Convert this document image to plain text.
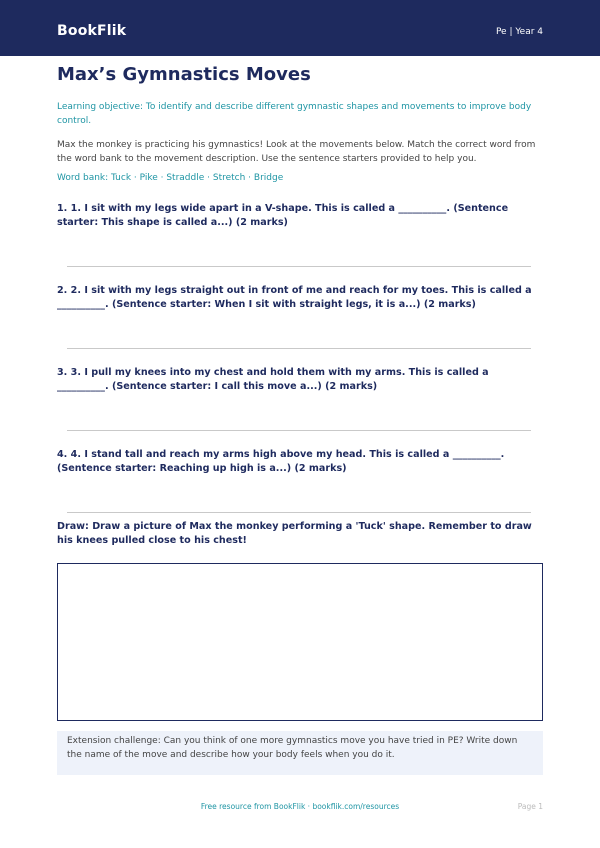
BookFlik	Pe | Year 4
Max’s Gymnastics Moves
Learning objective: To identify and describe different gymnastic shapes and movements to improve body control.
Max the monkey is practicing his gymnastics! Look at the movements below. Match the correct word from the word bank to the movement description. Use the sentence starters provided to help you.
Word bank: Tuck · Pike · Straddle · Stretch · Bridge
1. 1. I sit with my legs wide apart in a V-shape. This is called a __________. (Sentence starter: This shape is called a...) (2 marks)
2. 2. I sit with my legs straight out in front of me and reach for my toes. This is called a __________. (Sentence starter: When I sit with straight legs, it is a...) (2 marks)
3. 3. I pull my knees into my chest and hold them with my arms. This is called a __________. (Sentence starter: I call this move a...) (2 marks)
4. 4. I stand tall and reach my arms high above my head. This is called a __________. (Sentence starter: Reaching up high is a...) (2 marks)
Draw: Draw a picture of Max the monkey performing a 'Tuck' shape. Remember to draw his knees pulled close to his chest!
Extension challenge: Can you think of one more gymnastics move you have tried in PE? Write down the name of the move and describe how your body feels when you do it.
Free resource from BookFlik · bookflik.com/resources	Page 1
